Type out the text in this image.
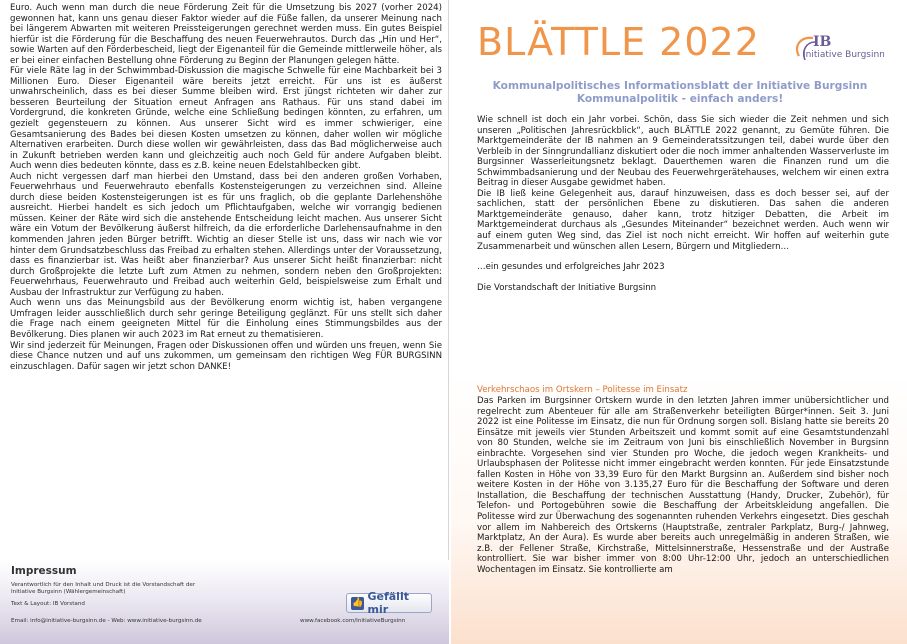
Euro. Auch wenn man durch die neue Förderung Zeit für die Umsetzung bis 2027 (vorher 2024) gewonnen hat, kann uns genau dieser Faktor wieder auf die Füße fallen, da unserer Meinung nach bei längerem Abwarten mit weiteren Preissteigerungen gerechnet werden muss. Ein gutes Beispiel hierfür ist die Förderung für die Beschaffung des neuen Feuerwehrautos. Durch das „Hin und Her“, sowie Warten auf den Förderbescheid, liegt der Eigenanteil für die Gemeinde mittlerweile höher, als er bei einer einfachen Bestellung ohne Förderung zu Beginn der Planungen gelegen hätte.

Für viele Räte lag in der Schwimmbad-Diskussion die magische Schwelle für eine Machbarkeit bei 3 Millionen Euro. Dieser Eigenanteil wäre bereits jetzt erreicht. Für uns ist es äußerst unwahrscheinlich, dass es bei dieser Summe bleiben wird. Erst jüngst richteten wir daher zur besseren Beurteilung der Situation erneut Anfragen ans Rathaus. Für uns stand dabei im Vordergrund, die konkreten Gründe, welche eine Schließung bedingen könnten, zu erfahren, um gezielt gegensteuern zu können. Aus unserer Sicht wird es immer schwieriger, eine Gesamtsanierung des Bades bei diesen Kosten umsetzen zu können, daher wollen wir mögliche Alternativen erarbeiten. Durch diese wollen wir gewährleisten, dass das Bad möglicherweise auch in Zukunft betrieben werden kann und gleichzeitig auch noch Geld für andere Aufgaben bleibt. Auch wenn dies bedeuten könnte, dass es z.B. keine neuen Edelstahlbecken gibt.

Auch nicht vergessen darf man hierbei den Umstand, dass bei den anderen großen Vorhaben, Feuerwehrhaus und Feuerwehrauto ebenfalls Kostensteigerungen zu verzeichnen sind. Alleine durch diese beiden Kostensteigerungen ist es für uns fraglich, ob die geplante Darlehenshöhe ausreicht. Hierbei handelt es sich jedoch um Pflichtaufgaben, welche wir vorrangig bedienen müssen. Keiner der Räte wird sich die anstehende Entscheidung leicht machen. Aus unserer Sicht wäre ein Votum der Bevölkerung äußerst hilfreich, da die erforderliche Darlehensaufnahme in den kommenden Jahren jeden Bürger betrifft. Wichtig an dieser Stelle ist uns, dass wir nach wie vor hinter dem Grundsatzbeschluss das Freibad zu erhalten stehen. Allerdings unter der Voraussetzung, dass es finanzierbar ist. Was heißt aber finanzierbar? Aus unserer Sicht heißt finanzierbar: nicht durch Großprojekte die letzte Luft zum Atmen zu nehmen, sondern neben den Großprojekten: Feuerwehrhaus, Feuerwehrauto und Freibad auch weiterhin Geld, beispielsweise zum Erhalt und Ausbau der Infrastruktur zur Verfügung zu haben.

Auch wenn uns das Meinungsbild aus der Bevölkerung enorm wichtig ist, haben vergangene Umfragen leider ausschließlich durch sehr geringe Beteiligung geglänzt. Für uns stellt sich daher die Frage nach einem geeigneten Mittel für die Einholung eines Stimmungsbildes aus der Bevölkerung. Dies planen wir auch 2023 im Rat erneut zu thematisieren.

Wir sind jederzeit für Meinungen, Fragen oder Diskussionen offen und würden uns freuen, wenn Sie diese Chance nutzen und auf uns zukommen, um gemeinsam den richtigen Weg FÜR BURGSINN einzuschlagen. Dafür sagen wir jetzt schon DANKE!

Impressum
Verantwortlich für den Inhalt und Druck ist die Vorstandschaft der
Initiative Burgsinn (Wählergemeinschaft)
Text & Layout: IB Vorstand
Email: info@initiative-burgsinn.de - Web: www.initiative-burgsinn.de
👍 Gefällt mir
www.facebook.com/InitiativeBurgsinn
BLÄTTLE 2022	IB
Initiative Burgsinn
Kommunalpolitisches Informationsblatt der Initiative Burgsinn
Kommunalpolitik - einfach anders!

Wie schnell ist doch ein Jahr vorbei. Schön, dass Sie sich wieder die Zeit nehmen und sich unseren „Politischen Jahresrückblick“, auch BLÄTTLE 2022 genannt, zu Gemüte führen. Die Marktgemeinderäte der IB nahmen an 9 Gemeinderatssitzungen teil, dabei wurde über den Verbleib in der Sinngrundallianz diskutiert oder die noch immer anhaltenden Wasserverluste im Burgsinner Wasserleitungsnetz beklagt. Dauerthemen waren die Finanzen rund um die Schwimmbadsanierung und der Neubau des Feuerwehrgerätehauses, welchem wir einen extra Beitrag in dieser Ausgabe gewidmet haben.

Die IB ließ keine Gelegenheit aus, darauf hinzuweisen, dass es doch besser sei, auf der sachlichen, statt der persönlichen Ebene zu diskutieren. Das sahen die anderen Marktgemeinderäte genauso, daher kann, trotz hitziger Debatten, die Arbeit im Marktgemeinderat durchaus als „Gesundes Miteinander“ bezeichnet werden. Auch wenn wir auf einem guten Weg sind, das Ziel ist noch nicht erreicht. Wir hoffen auf weiterhin gute Zusammenarbeit und wünschen allen Lesern, Bürgern und Mitgliedern…

…ein gesundes und erfolgreiches Jahr 2023

Die Vorstandschaft der Initiative Burgsinn

Verkehrschaos im Ortskern – Politesse im Einsatz
Das Parken im Burgsinner Ortskern wurde in den letzten Jahren immer unübersichtlicher und regelrecht zum Abenteuer für alle am Straßenverkehr beteiligten Bürger*innen. Seit 3. Juni 2022 ist eine Politesse im Einsatz, die nun für Ordnung sorgen soll. Bislang hatte sie bereits 20 Einsätze mit jeweils vier Stunden Arbeitszeit und kommt somit auf eine Gesamtstundenzahl von 80 Stunden, welche sie im Zeitraum von Juni bis einschließlich November in Burgsinn einbrachte. Vorgesehen sind vier Stunden pro Woche, die jedoch wegen Krankheits- und Urlaubsphasen der Politesse nicht immer eingebracht werden konnten. Für jede Einsatzstunde fallen Kosten in Höhe von 33,39 Euro für den Markt Burgsinn an. Außerdem sind bisher noch weitere Kosten in der Höhe von 3.135,27 Euro für die Beschaffung der Software und deren Installation, die Beschaffung der technischen Ausstattung (Handy, Drucker, Zubehör), für Telefon- und Portogebühren sowie die Beschaffung der Arbeitskleidung angefallen. Die Politesse wird zur Überwachung des sogenannten ruhenden Verkehrs eingesetzt. Dies geschah vor allem im Nahbereich des Ortskerns (Hauptstraße, zentraler Parkplatz, Burg-/ Jahnweg, Marktplatz, An der Aura). Es wurde aber bereits auch unregelmäßig in anderen Straßen, wie z.B. der Fellener Straße, Kirchstraße, Mittelsinnerstraße, Hessenstraße und der Austraße kontrolliert. Sie war bisher immer von 8:00 Uhr-12:00 Uhr, jedoch an unterschiedlichen Wochentagen im Einsatz. Sie kontrollierte am
